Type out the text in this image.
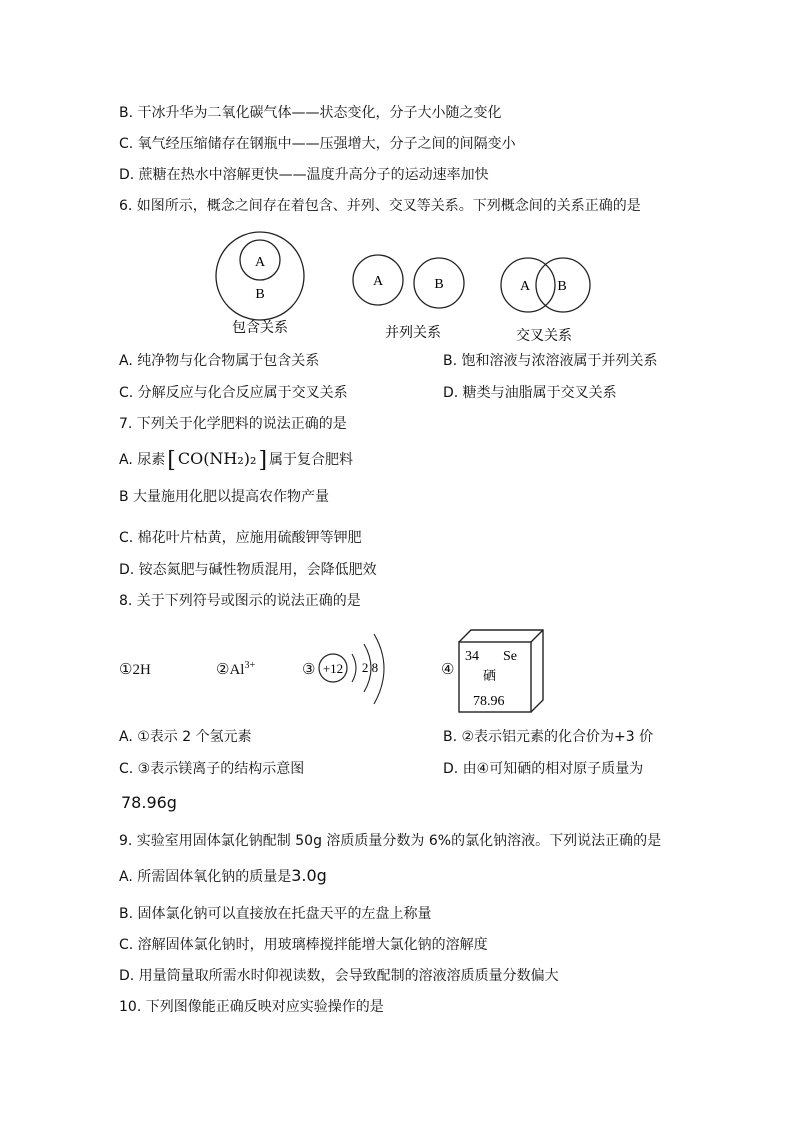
B. 干冰升华为二氧化碳气体——状态变化，分子大小随之变化
C. 氧气经压缩储存在钢瓶中——压强增大，分子之间的间隔变小
D. 蔗糖在热水中溶解更快——温度升高分子的运动速率加快
6. 如图所示，概念之间存在着包含、并列、交叉等关系。下列概念间的关系正确的是
A
B
包含关系
A	B
并列关系
A B
交叉关系
A. 纯净物与化合物属于包含关系	B. 饱和溶液与浓溶液属于并列关系
C. 分解反应与化合反应属于交叉关系	D. 糖类与油脂属于交叉关系
7. 下列关于化学肥料的说法正确的是
A. 尿素[ CO(NH₂)₂] 属于复合肥料
B 大量施用化肥以提高农作物产量
C. 棉花叶片枯黄，应施用硫酸钾等钾肥
D. 铵态氮肥与碱性物质混用，会降低肥效
8. 关于下列符号或图示的说法正确的是
①2H	$②Al^{3+}$	③ +12 2 8	④
34 Se
硒
78.96
A. ①表示 2 个氢元素	B. ②表示铝元素的化合价为+3 价
C. ③表示镁离子的结构示意图	D. 由④可知硒的相对原子质量为
78.96g
9. 实验室用固体氯化钠配制 50g 溶质质量分数为 6%的氯化钠溶液。下列说法正确的是
A. 所需固体氧化钠的质量是3.0g
B. 固体氯化钠可以直接放在托盘天平的左盘上称量
C. 溶解固体氯化钠时，用玻璃棒搅拌能增大氯化钠的溶解度
D. 用量筒量取所需水时仰视读数，会导致配制的溶液溶质质量分数偏大
10. 下列图像能正确反映对应实验操作的是
